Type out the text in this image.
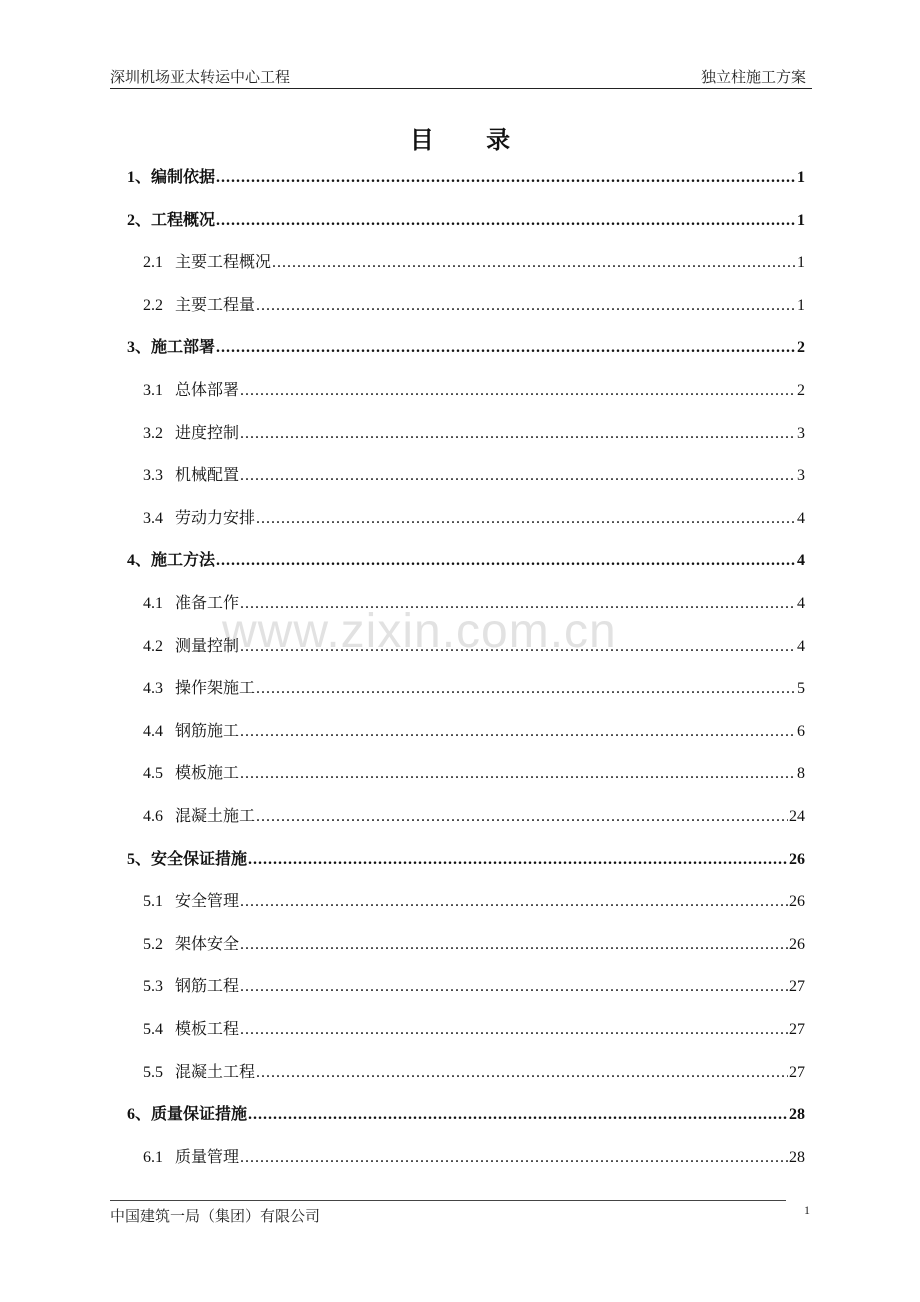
深圳机场亚太转运中心工程	独立柱施工方案
目 录
www.zixin.com.cn
1、 编制依据 .....	1
2、 工程概况 .....	1
2.1 主要工程概况 .....	1
2.2 主要工程量 .....	1
3、 施工部署 .....	2
3.1 总体部署 .....	2
3.2 进度控制 .....	3
3.3 机械配置 .....	3
3.4 劳动力安排 .....	4
4、 施工方法 .....	4
4.1 准备工作 .....	4
4.2 测量控制 .....	4
4.3 操作架施工 .....	5
4.4 钢筋施工 .....	6
4.5 模板施工 .....	8
4.6 混凝土施工 .....	24
5、 安全保证措施 .....	26
5.1 安全管理 .....	26
5.2 架体安全 .....	26
5.3 钢筋工程 .....	27
5.4 模板工程 .....	27
5.5 混凝土工程 .....	27
6、 质量保证措施 .....	28
6.1 质量管理 .....	28
中国建筑一局（集团）有限公司	1
